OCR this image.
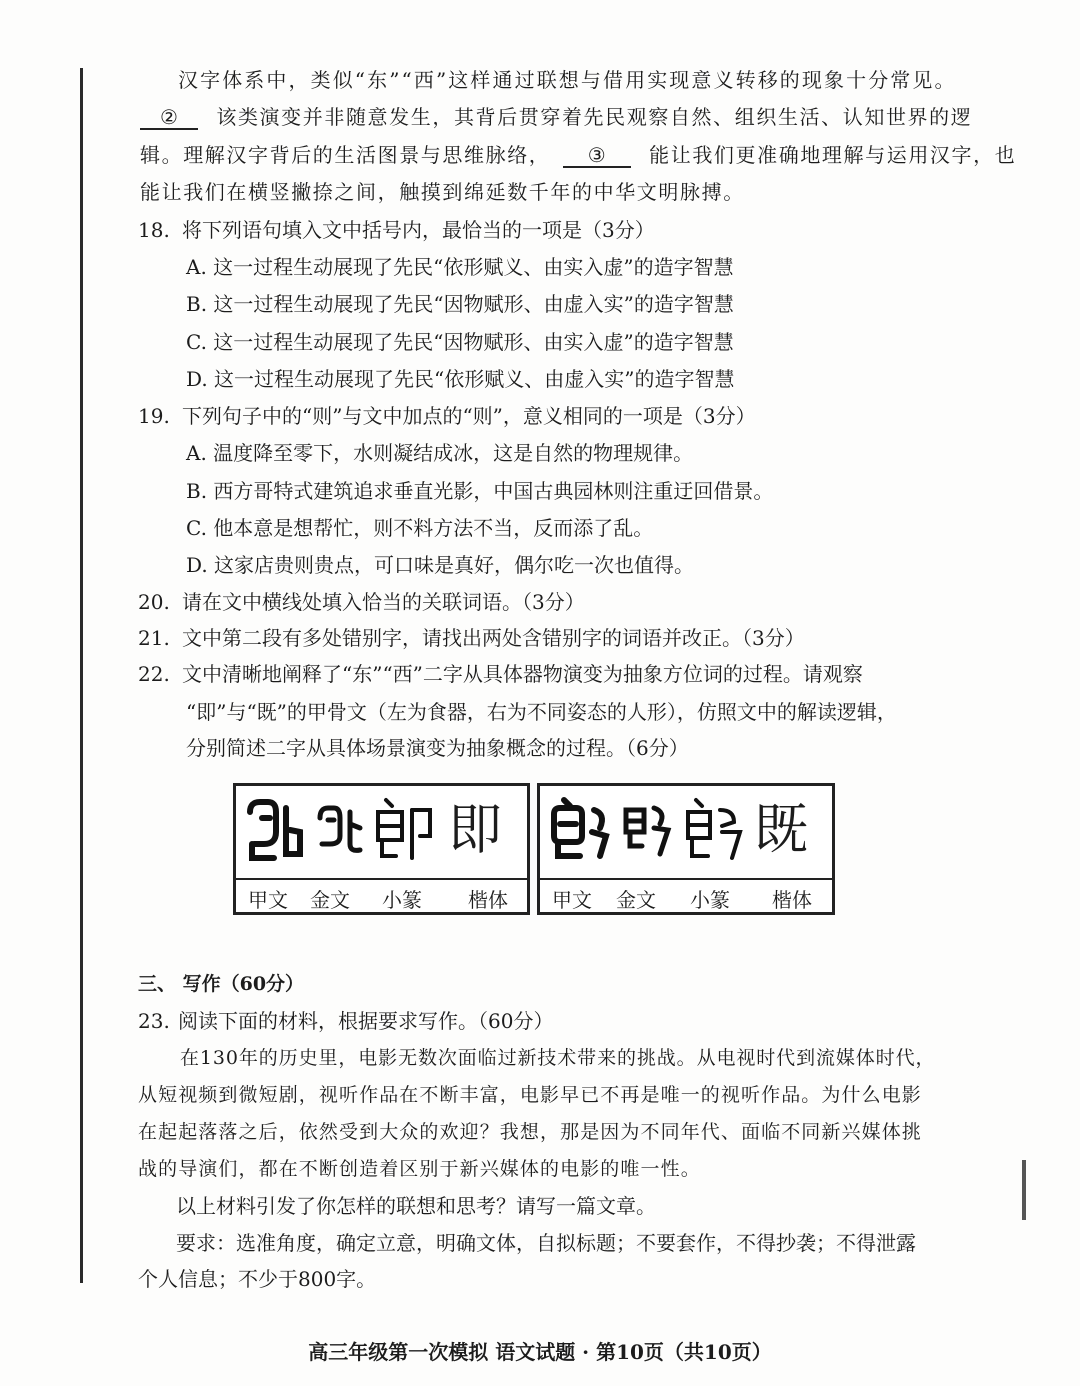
汉字体系中，类似“东”“西”这样通过联想与借用实现意义转移的现象十分常见。
② 该类演变并非随意发生，其背后贯穿着先民观察自然、组织生活、认知世界的逻
辑。理解汉字背后的生活图景与思维脉络， ③ 能让我们更准确地理解与运用汉字，也
能让我们在横竖撇捺之间，触摸到绵延数千年的中华文明脉搏。
18. 将下列语句填入文中括号内，最恰当的一项是（3分）
A. 这一过程生动展现了先民“依形赋义、由实入虚”的造字智慧
B. 这一过程生动展现了先民“因物赋形、由虚入实”的造字智慧
C. 这一过程生动展现了先民“因物赋形、由实入虚”的造字智慧
D. 这一过程生动展现了先民“依形赋义、由虚入实”的造字智慧
19. 下列句子中的“则”与文中加点的“则”，意义相同的一项是（3分）
A. 温度降至零下，水则凝结成冰，这是自然的物理规律。
B. 西方哥特式建筑追求垂直光影，中国古典园林则注重迂回借景。
C. 他本意是想帮忙，则不料方法不当，反而添了乱。
D. 这家店贵则贵点，可口味是真好，偶尔吃一次也值得。
20. 请在文中横线处填入恰当的关联词语。（3分）
21. 文中第二段有多处错别字，请找出两处含错别字的词语并改正。（3分）
22. 文中清晰地阐释了“东”“西”二字从具体器物演变为抽象方位词的过程。请观察
“即”与“既”的甲骨文（左为食器，右为不同姿态的人形），仿照文中的解读逻辑，
分别简述二字从具体场景演变为抽象概念的过程。（6分）
即
甲文 金文 小篆 楷体
既
甲文 金文 小篆 楷体
三、 写作（60分）
23. 阅读下面的材料，根据要求写作。（60分）
在130年的历史里，电影无数次面临过新技术带来的挑战。从电视时代到流媒体时代，
从短视频到微短剧，视听作品在不断丰富，电影早已不再是唯一的视听作品。为什么电影
在起起落落之后，依然受到大众的欢迎？我想，那是因为不同年代、面临不同新兴媒体挑
战的导演们，都在不断创造着区别于新兴媒体的电影的唯一性。
以上材料引发了你怎样的联想和思考？请写一篇文章。
要求：选准角度，确定立意，明确文体，自拟标题；不要套作，不得抄袭；不得泄露
个人信息；不少于800字。
高三年级第一次模拟 语文试题 · 第10页（共10页）
